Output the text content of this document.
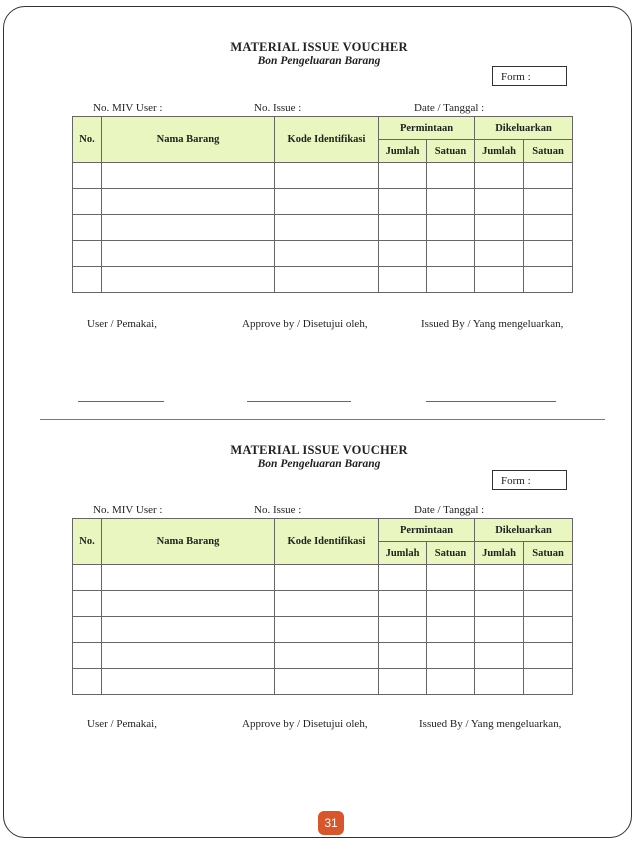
MATERIAL ISSUE VOUCHER
Bon Pengeluaran Barang
Form :
No. MIV User :	No. Issue :	Date / Tanggal :
No.	Nama Barang	Kode Identifikasi	Permintaan		Dikeluarkan	
			Jumlah	Satuan	Jumlah	Satuan

User / Pemakai,	Approve by / Disetujui oleh,	Issued By / Yang mengeluarkan,
MATERIAL ISSUE VOUCHER
Bon Pengeluaran Barang
Form :
No. MIV User :	No. Issue :	Date / Tanggal :
No.	Nama Barang	Kode Identifikasi	Permintaan		Dikeluarkan	
			Jumlah	Satuan	Jumlah	Satuan

User / Pemakai,	Approve by / Disetujui oleh,	Issued By / Yang mengeluarkan,
31
